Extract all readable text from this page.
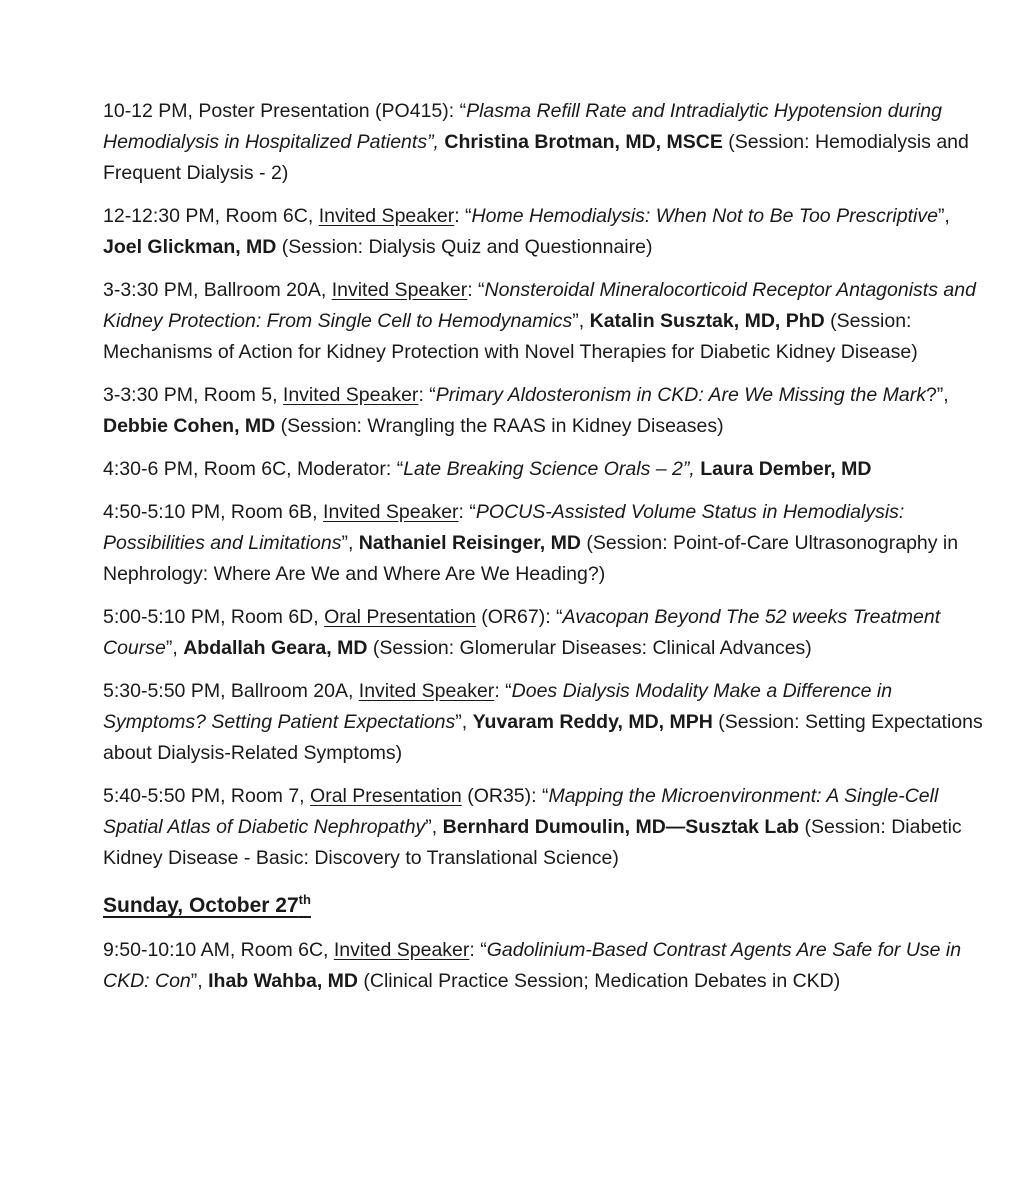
10-12 PM, Poster Presentation (PO415): “Plasma Refill Rate and Intradialytic Hypotension during Hemodialysis in Hospitalized Patients”, Christina Brotman, MD, MSCE (Session: Hemodialysis and Frequent Dialysis - 2)

12-12:30 PM, Room 6C, Invited Speaker: “Home Hemodialysis: When Not to Be Too Prescriptive”, Joel Glickman, MD (Session: Dialysis Quiz and Questionnaire)

3-3:30 PM, Ballroom 20A, Invited Speaker: “Nonsteroidal Mineralocorticoid Receptor Antagonists and Kidney Protection: From Single Cell to Hemodynamics”, Katalin Susztak, MD, PhD (Session: Mechanisms of Action for Kidney Protection with Novel Therapies for Diabetic Kidney Disease)

3-3:30 PM, Room 5, Invited Speaker: “Primary Aldosteronism in CKD: Are We Missing the Mark?”, Debbie Cohen, MD (Session: Wrangling the RAAS in Kidney Diseases)

4:30-6 PM, Room 6C, Moderator: “Late Breaking Science Orals – 2”, Laura Dember, MD

4:50-5:10 PM, Room 6B, Invited Speaker: “POCUS-Assisted Volume Status in Hemodialysis: Possibilities and Limitations”, Nathaniel Reisinger, MD (Session: Point-of-Care Ultrasonography in Nephrology: Where Are We and Where Are We Heading?)

5:00-5:10 PM, Room 6D, Oral Presentation (OR67): “Avacopan Beyond The 52 weeks Treatment Course”, Abdallah Geara, MD (Session: Glomerular Diseases: Clinical Advances)

5:30-5:50 PM, Ballroom 20A, Invited Speaker: “Does Dialysis Modality Make a Difference in Symptoms? Setting Patient Expectations”, Yuvaram Reddy, MD, MPH (Session: Setting Expectations about Dialysis-Related Symptoms)

5:40-5:50 PM, Room 7, Oral Presentation (OR35): “Mapping the Microenvironment: A Single-Cell Spatial Atlas of Diabetic Nephropathy”, Bernhard Dumoulin, MD—Susztak Lab (Session: Diabetic Kidney Disease - Basic: Discovery to Translational Science)

Sunday, October 27th

9:50-10:10 AM, Room 6C, Invited Speaker: “Gadolinium-Based Contrast Agents Are Safe for Use in CKD: Con”, Ihab Wahba, MD (Clinical Practice Session; Medication Debates in CKD)
